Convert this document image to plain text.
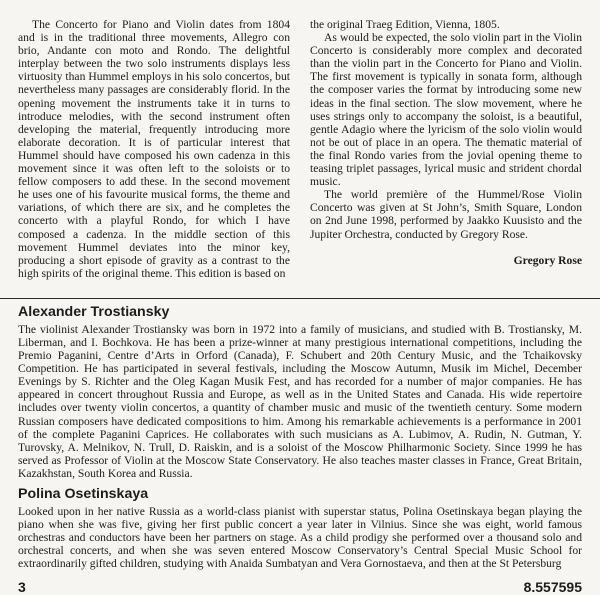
The Concerto for Piano and Violin dates from 1804 and is in the traditional three movements, Allegro con brio, Andante con moto and Rondo. The delightful interplay between the two solo instruments displays less virtuosity than Hummel employs in his solo concertos, but nevertheless many passages are considerably florid. In the opening movement the instruments take it in turns to introduce melodies, with the second instrument often developing the material, frequently introducing more elaborate decoration. It is of particular interest that Hummel should have composed his own cadenza in this movement since it was often left to the soloists or to fellow composers to add these. In the second movement he uses one of his favourite musical forms, the theme and variations, of which there are six, and he completes the concerto with a playful Rondo, for which I have composed a cadenza. In the middle section of this movement Hummel deviates into the minor key, producing a short episode of gravity as a contrast to the high spirits of the original theme. This edition is based on

the original Traeg Edition, Vienna, 1805.

As would be expected, the solo violin part in the Violin Concerto is considerably more complex and decorated than the violin part in the Concerto for Piano and Violin. The first movement is typically in sonata form, although the composer varies the format by introducing some new ideas in the final section. The slow movement, where he uses strings only to accompany the soloist, is a beautiful, gentle Adagio where the lyricism of the solo violin would not be out of place in an opera. The thematic material of the final Rondo varies from the jovial opening theme to teasing triplet passages, lyrical music and strident chordal music.

The world première of the Hummel/Rose Violin Concerto was given at St John’s, Smith Square, London on 2nd June 1998, performed by Jaakko Kuusisto and the Jupiter Orchestra, conducted by Gregory Rose.

Gregory Rose
Alexander Trostiansky

The violinist Alexander Trostiansky was born in 1972 into a family of musicians, and studied with B. Trostiansky, M. Liberman, and I. Bochkova. He has been a prize-winner at many prestigious international competitions, including the Premio Paganini, Centre d’Arts in Orford (Canada), F. Schubert and 20th Century Music, and the Tchaikovsky Competition. He has participated in several festivals, including the Moscow Autumn, Musik im Michel, December Evenings by S. Richter and the Oleg Kagan Musik Fest, and has recorded for a number of major companies. He has appeared in concert throughout Russia and Europe, as well as in the United States and Canada. His wide repertoire includes over twenty violin concertos, a quantity of chamber music and music of the twentieth century. Some modern Russian composers have dedicated compositions to him. Among his remarkable achievements is a performance in 2001 of the complete Paganini Caprices. He collaborates with such musicians as A. Lubimov, A. Rudin, N. Gutman, Y. Turovsky, A. Melnikov, N. Trull, D. Raiskin, and is a soloist of the Moscow Philharmonic Society. Since 1999 he has served as Professor of Violin at the Moscow State Conservatory. He also teaches master classes in France, Great Britain, Kazakhstan, South Korea and Russia.

Polina Osetinskaya

Looked upon in her native Russia as a world-class pianist with superstar status, Polina Osetinskaya began playing the piano when she was five, giving her first public concert a year later in Vilnius. Since she was eight, world famous orchestras and conductors have been her partners on stage. As a child prodigy she performed over a thousand solo and orchestral concerts, and when she was seven entered Moscow Conservatory’s Central Special Music School for extraordinarily gifted children, studying with Anaida Sumbatyan and Vera Gornostaeva, and then at the St Petersburg

3	8.557595
